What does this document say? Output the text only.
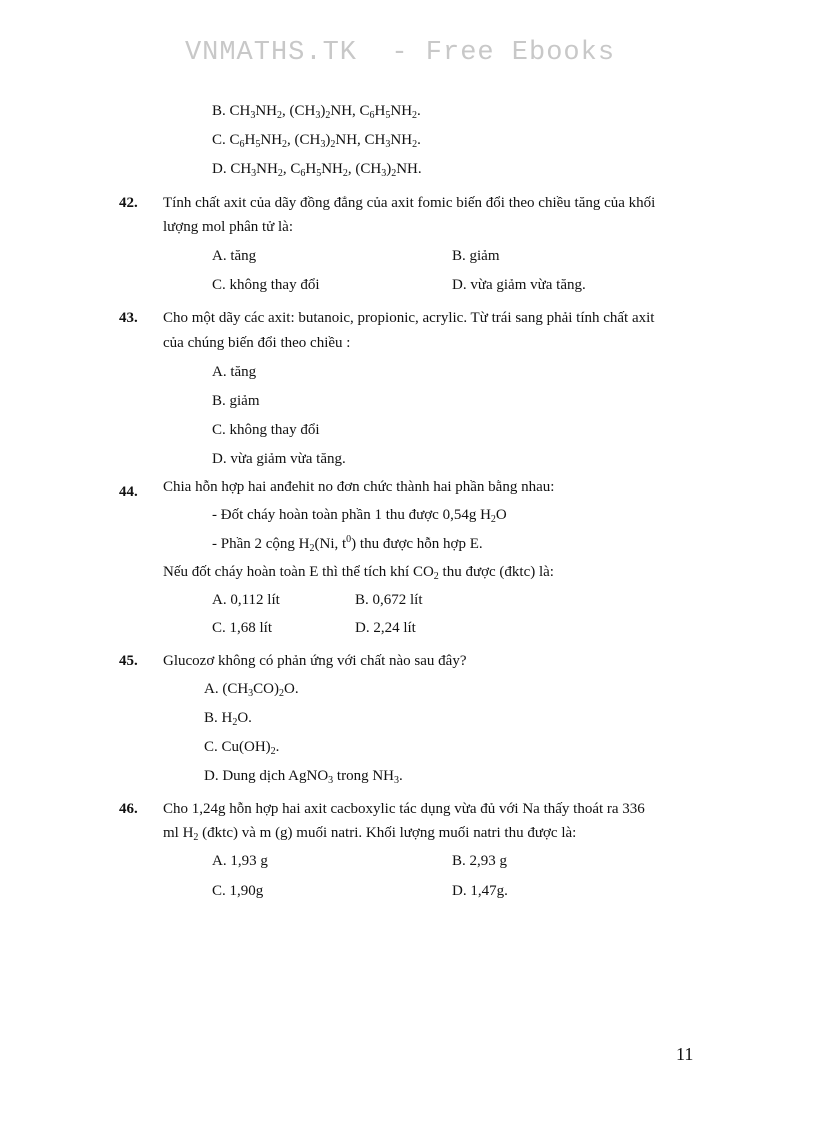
VNMATHS.TK  - Free Ebooks
B. $CH_3NH_2$, $(CH_3)_2NH$, $C_6H_5NH_2$.
C. $C_6H_5NH_2$, $(CH_3)_2NH$, $CH_3NH_2$.
D. $CH_3NH_2$, $C_6H_5NH_2$, $(CH_3)_2NH$.
42. Tính chất axit của dãy đồng đẳng của axit fomic biến đổi theo chiều tăng của khối
lượng mol phân tử là:
A. tăng	B. giảm
C. không thay đổi	D. vừa giảm vừa tăng.
43. Cho một dãy các axit: butanoic, propionic, acrylic. Từ trái sang phải tính chất axit
của chúng biến đổi theo chiều :
A. tăng
B. giảm
C. không thay đổi
D. vừa giảm vừa tăng.
44. Chia hỗn hợp hai anđehit no đơn chức thành hai phần bằng nhau:
- Đốt cháy hoàn toàn phần 1 thu được 0,54g $H_2O$
- Phần 2 cộng $H_2(Ni$, $t^0$) thu được hỗn hợp E.
Nếu đốt cháy hoàn toàn E thì thể tích khí $CO_2$ thu được (đktc) là:
A. 0,112 lít	B. 0,672 lít
C. 1,68 lít	D. 2,24 lít
45. Glucozơ không có phản ứng với chất nào sau đây?
A. $(CH_3CO)_2O$.
B. $H_2O$.
C. $Cu(OH)_2$.
D. Dung dịch AgNO$_3$ trong $NH_3$.
46. Cho 1,24g hỗn hợp hai axit cacboxylic tác dụng vừa đủ với Na thấy thoát ra 336
ml $H_2$ (đktc) và m (g) muối natri. Khối lượng muối natri thu được là:
A. 1,93 g	B. 2,93 g
C. 1,90g	D. 1,47g.
11
